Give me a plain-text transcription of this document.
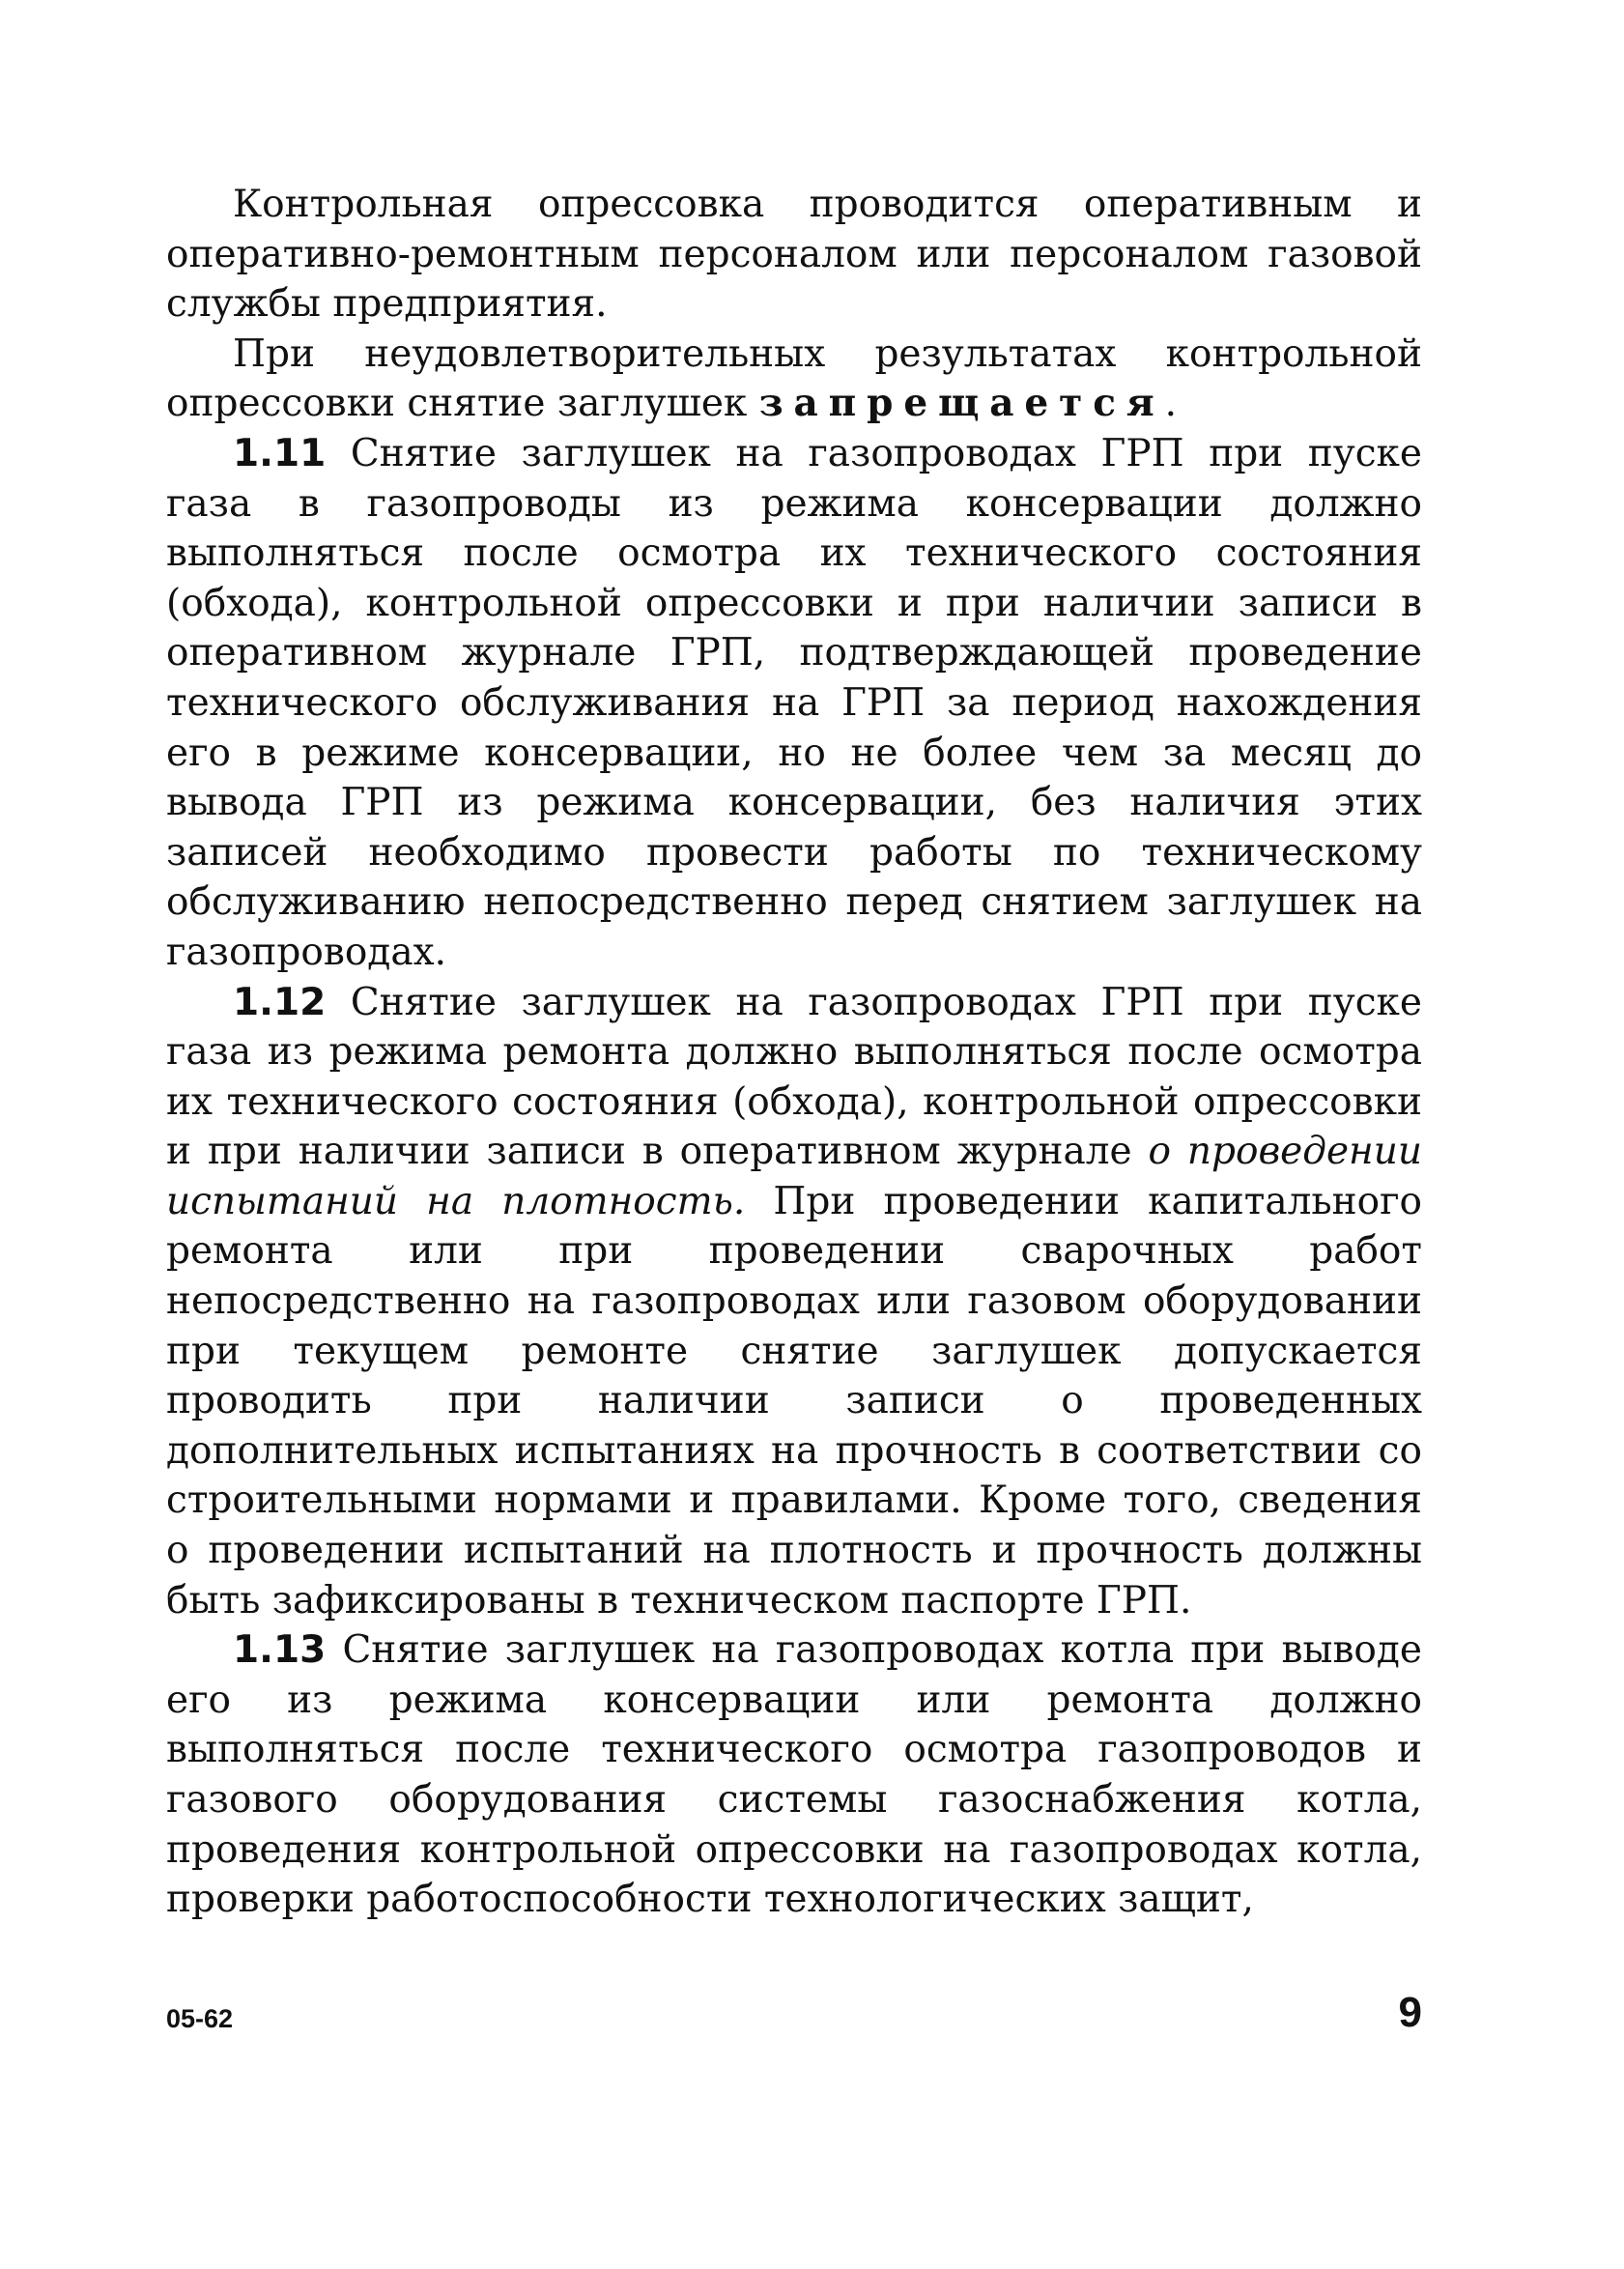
Контрольная опрессовка проводится оперативным и оперативно-ремонтным персоналом или персоналом газовой службы предприятия.

При неудовлетворительных результатах контрольной опрессовки снятие заглушек запрещается.

1.11 Снятие заглушек на газопроводах ГРП при пуске газа в газопроводы из режима консервации должно выполняться после осмотра их технического состояния (обхода), контрольной опрессовки и при наличии записи в оперативном журнале ГРП, подтверждающей проведение технического обслуживания на ГРП за период нахождения его в режиме консервации, но не более чем за месяц до вывода ГРП из режима консервации, без наличия этих записей необходимо провести работы по техническому обслуживанию непосредственно перед снятием заглушек на газопроводах.

1.12 Снятие заглушек на газопроводах ГРП при пуске газа из режима ремонта должно выполняться после осмотра их технического состояния (обхода), контрольной опрессовки и при наличии записи в оперативном журнале о проведении испытаний на плотность. При проведении капитального ремонта или при проведении сварочных работ непосредственно на газопроводах или газовом оборудовании при текущем ремонте снятие заглушек допускается проводить при наличии записи о проведенных дополнительных испытаниях на прочность в соответствии со строительными нормами и правилами. Кроме того, сведения о проведении испытаний на плотность и прочность должны быть зафиксированы в техническом паспорте ГРП.

1.13 Снятие заглушек на газопроводах котла при выводе его из режима консервации или ремонта должно выполняться после технического осмотра газопроводов и газового оборудования системы газоснабжения котла, проведения контрольной опрессовки на газопроводах котла, проверки работоспособности технологических защит,

05-62	9
